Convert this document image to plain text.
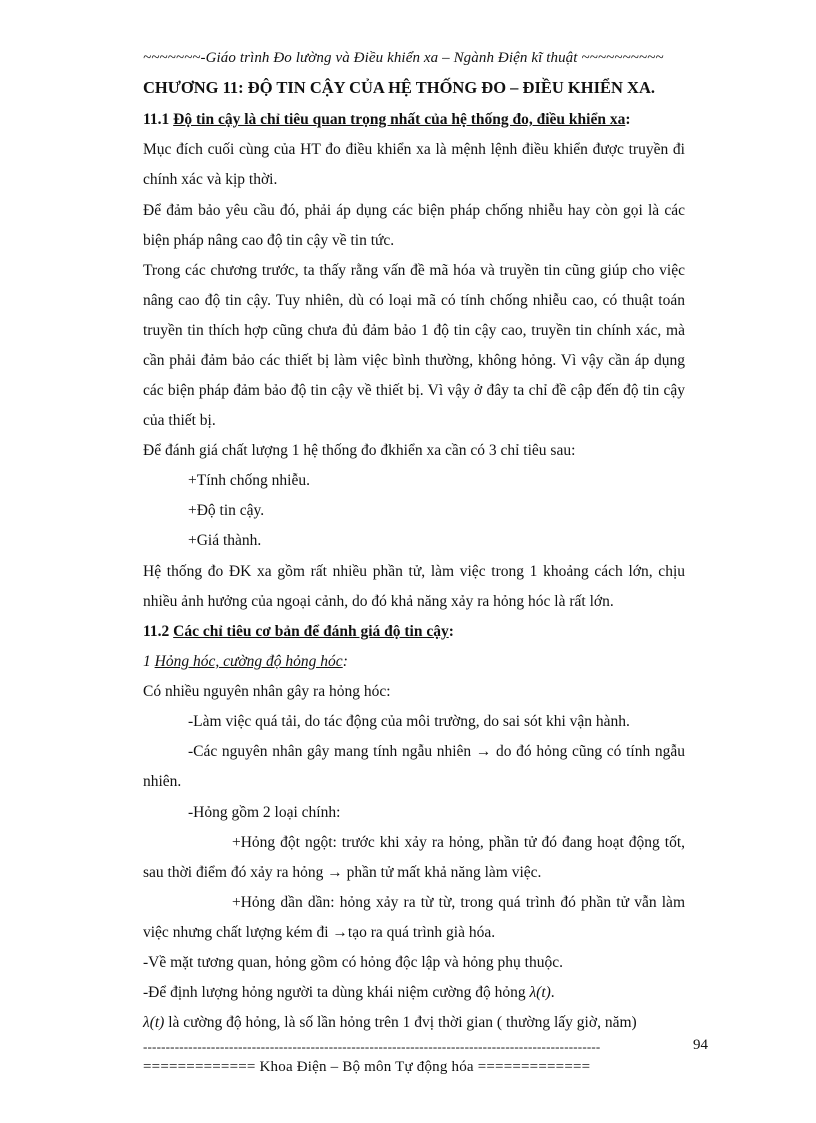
~~~~~~~-Giáo trình Đo lường và Điều khiển xa – Ngành Điện kĩ thuật ~~~~~~~~~~
CHƯƠNG 11: ĐỘ TIN CẬY CỦA HỆ THỐNG ĐO – ĐIỀU KHIỂN XA.
11.1 Độ tin cậy là chỉ tiêu quan trọng nhất của hệ thống đo, điều khiển xa:
Mục đích cuối cùng của HT đo điều khiển xa là mệnh lệnh điều khiển được truyền đi
chính xác và kịp thời.
Để đảm bảo yêu cầu đó, phải áp dụng các biện pháp chống nhiễu hay còn gọi là các
biện pháp nâng cao độ tin cậy về tin tức.
Trong các chương trước, ta thấy rằng vấn đề mã hóa và truyền tin cũng giúp cho việc
nâng cao độ tin cậy. Tuy nhiên, dù có loại mã có tính chống nhiễu cao, có thuật toán
truyền tin thích hợp cũng chưa đủ đảm bảo 1 độ tin cậy cao, truyền tin chính xác, mà
cần phải đảm bảo các thiết bị làm việc bình thường, không hỏng. Vì vậy cần áp dụng
các biện pháp đảm bảo độ tin cậy về thiết bị. Vì vậy ở đây ta chỉ đề cập đến độ tin cậy
của thiết bị.
Để đánh giá chất lượng 1 hệ thống đo đkhiển xa cần có 3 chỉ tiêu sau:
+Tính chống nhiễu.
+Độ tin cậy.
+Giá thành.
Hệ thống đo ĐK xa gồm rất nhiều phần tử, làm việc trong 1 khoảng cách lớn, chịu
nhiều ảnh hưởng của ngoại cảnh, do đó khả năng xảy ra hỏng hóc là rất lớn.
11.2 Các chỉ tiêu cơ bản để đánh giá độ tin cậy:
1 Hỏng hóc, cường độ hỏng hóc:
Có nhiều nguyên nhân gây ra hỏng hóc:
-Làm việc quá tải, do tác động của môi trường, do sai sót khi vận hành.
-Các nguyên nhân gây mang tính ngẫu nhiên → do đó hỏng cũng có tính ngẫu
nhiên.
-Hỏng gồm 2 loại chính:
+Hỏng đột ngột: trước khi xảy ra hỏng, phần tử đó đang hoạt động tốt,
sau thời điểm đó xảy ra hỏng → phần tử mất khả năng làm việc.
+Hỏng dần dần: hỏng xảy ra từ từ, trong quá trình đó phần tử vẫn làm
việc nhưng chất lượng kém đi →tạo ra quá trình già hóa.
-Về mặt tương quan, hỏng gồm có hỏng độc lập và hỏng phụ thuộc.
-Để định lượng hỏng người ta dùng khái niệm cường độ hỏng λ(t).
λ(t) là cường độ hỏng, là số lần hỏng trên 1 đvị thời gian ( thường lấy giờ, năm)
-----------------------------------------------------------------------------------------------------	94
============= Khoa Điện – Bộ môn Tự động hóa =============
